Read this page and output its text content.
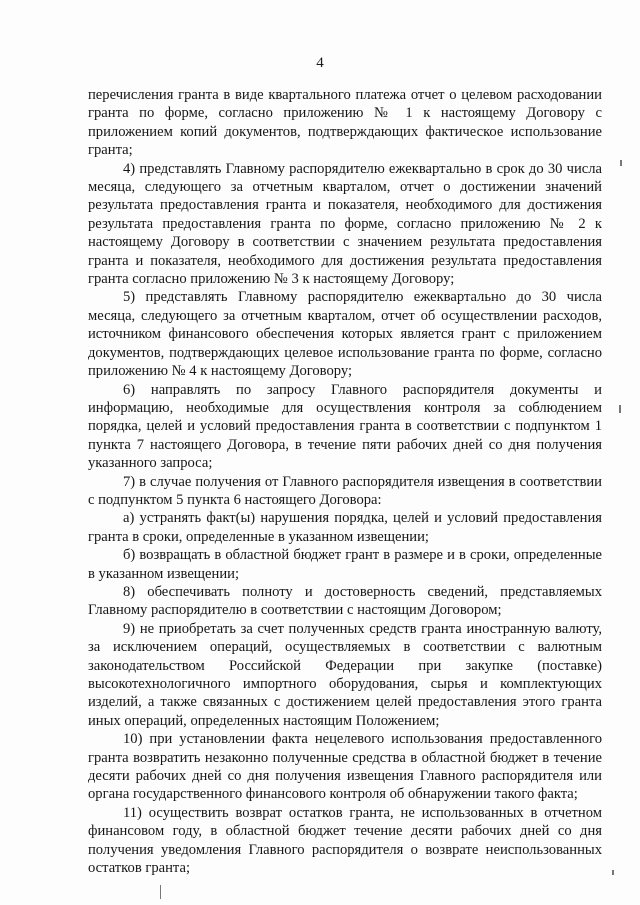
4

перечисления гранта в виде квартального платежа отчет о целевом расходовании гранта по форме, согласно приложению № 1 к настоящему Договору с приложением копий документов, подтверждающих фактическое использование гранта;

4) представлять Главному распорядителю ежеквартально в срок до 30 числа месяца, следующего за отчетным кварталом, отчет о достижении значений результата предоставления гранта и показателя, необходимого для достижения результата предоставления гранта по форме, согласно приложению № 2 к настоящему Договору в соответствии с значением результата предоставления гранта и показателя, необходимого для достижения результата предоставления гранта согласно приложению № 3 к настоящему Договору;

5) представлять Главному распорядителю ежеквартально до 30 числа месяца, следующего за отчетным кварталом, отчет об осуществлении расходов, источником финансового обеспечения которых является грант с приложением документов, подтверждающих целевое использование гранта по форме, согласно приложению № 4 к настоящему Договору;

6) направлять по запросу Главного распорядителя документы и информацию, необходимые для осуществления контроля за соблюдением порядка, целей и условий предоставления гранта в соответствии с подпунктом 1 пункта 7 настоящего Договора, в течение пяти рабочих дней со дня получения указанного запроса;

7) в случае получения от Главного распорядителя извещения в соответствии с подпунктом 5 пункта 6 настоящего Договора:

а) устранять факт(ы) нарушения порядка, целей и условий предоставления гранта в сроки, определенные в указанном извещении;

б) возвращать в областной бюджет грант в размере и в сроки, определенные в указанном извещении;

8) обеспечивать полноту и достоверность сведений, представляемых Главному распорядителю в соответствии с настоящим Договором;

9) не приобретать за счет полученных средств гранта иностранную валюту, за исключением операций, осуществляемых в соответствии с валютным законодательством Российской Федерации при закупке (поставке) высокотехнологичного импортного оборудования, сырья и комплектующих изделий, а также связанных с достижением целей предоставления этого гранта иных операций, определенных настоящим Положением;

10) при установлении факта нецелевого использования предоставленного гранта возвратить незаконно полученные средства в областной бюджет в течение десяти рабочих дней со дня получения извещения Главного распорядителя или органа государственного финансового контроля об обнаружении такого факта;

11) осуществить возврат остатков гранта, не использованных в отчетном финансовом году, в областной бюджет течение десяти рабочих дней со дня получения уведомления Главного распорядителя о возврате неиспользованных остатков гранта;
